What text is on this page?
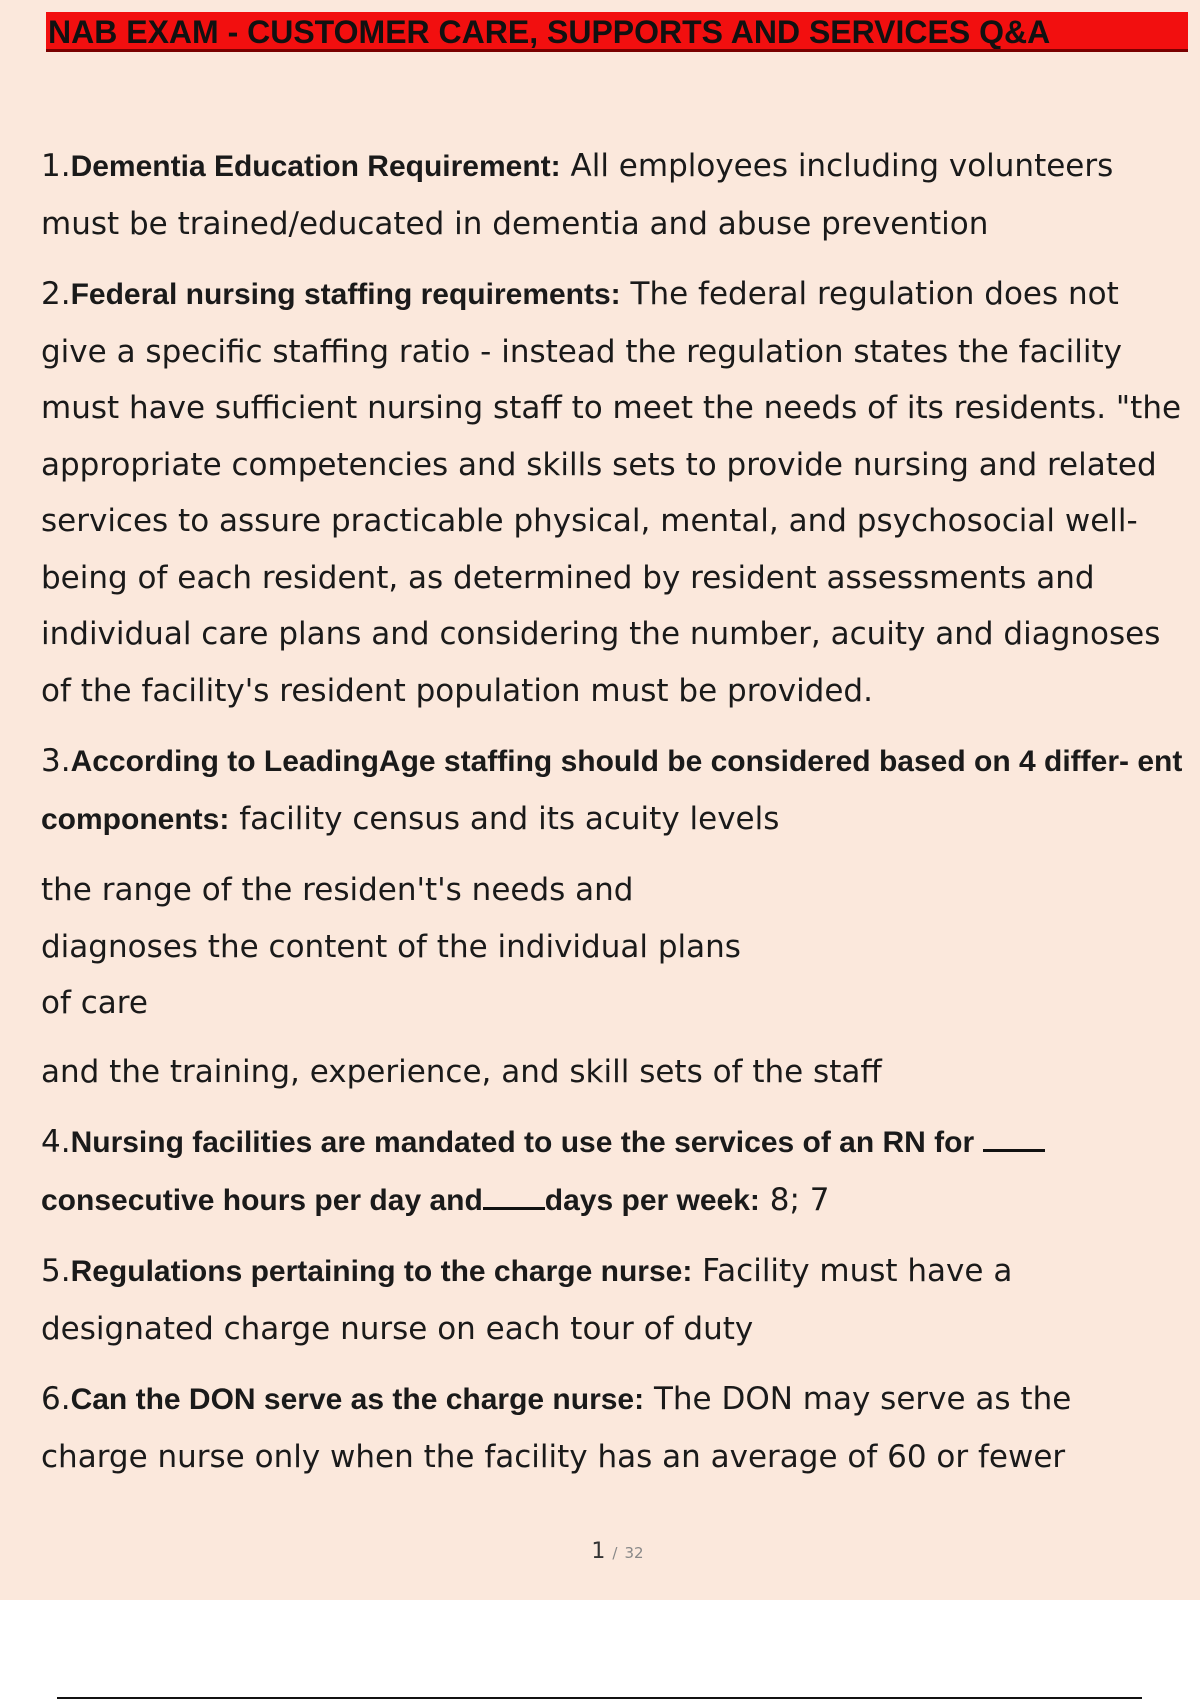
NAB EXAM - CUSTOMER CARE, SUPPORTS AND SERVICES Q&A

1.Dementia Education Requirement: All employees including volunteers must be trained/educated in dementia and abuse prevention

2.Federal nursing staffing requirements: The federal regulation does not give a specific staffing ratio - instead the regulation states the facility must have sufficient nursing staff to meet the needs of its residents. "the appropriate competencies and skills sets to provide nursing and related services to assure practicable physical, mental, and psychosocial well-being of each resident, as determined by resident assessments and individual care plans and considering the number, acuity and diagnoses of the facility's resident population must be provided.

3.According to LeadingAge staffing should be considered based on 4 differ- ent components: facility census and its acuity levels

the range of the residen't's needs and

diagnoses the content of the individual plans

of care

and the training, experience, and skill sets of the staff

4.Nursing facilities are mandated to use the services of an RN for
consecutive hours per day and days per week: 8; 7

5.Regulations pertaining to the charge nurse: Facility must have a designated charge nurse on each tour of duty

6.Can the DON serve as the charge nurse: The DON may serve as the charge nurse only when the facility has an average of 60 or fewer

1 / 32
